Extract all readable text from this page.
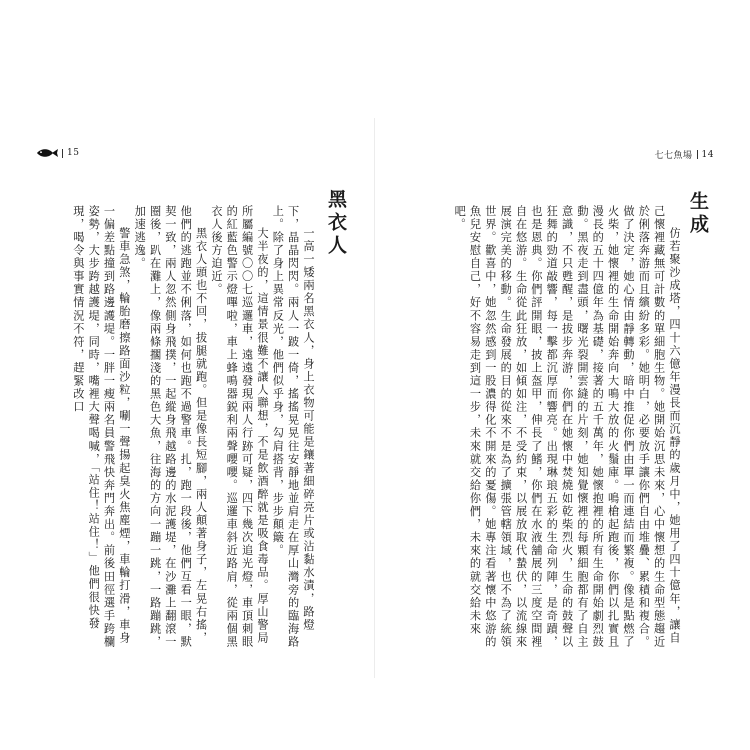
15	七七魚場 14
生成

仿若聚沙成塔，四十六億年漫長而沉靜的歲月中，她用了四十億年，讓自己懷裡藏無可計數的單細胞生物。她開始沉思未來，心中懷想的生命型態趨近於俐落奔游而且繽紛多彩。她明白，必要放手讓你們自由堆疊、累積和複合。做了決定，她心情由靜轉動，暗中推促你們由單一而連結而繁複。像是點燃了火柴，她懷裡的生命開始奔向大鳴大放的火鬚庫。鳴槍起跑後，你們以扎實且漫長的五十四億年為基礎，接著的五千萬年，她懷抱裡的所有生命開始劇烈鼓動。黑夜走到盡頭，曙光裂開雲縫的片刻，她知覺懷裡的每顆細胞都有了自主意識，不只甦醒，是拔步奔游，你們在她懷中焚燒如乾柴烈火，生命的鼓聲以狂舞的勁道敲響，每一擊都沉厚而響亮。出現琳琅五彩的生命列陣，是奇蹟，也是恩典。你們評開眼，披上盔甲，伸長了鰭，你們在水液舖展的三度空間裡自在悠游。生命從此狂放，如傾如注，不受約束，以展放取代蟄伏，以流線來展演完美的移動。生命發展的目的從來不是為了擴張管轄領域，也不為了統領世界。歡喜中，她忽然感到一股濃得化不開來的憂傷。她專注看著懷中悠游的魚兒安慰自己，好不容易走到這一步，未來就交給你們，未來的就交給未來吧。

黑衣人

一高一矮兩名黑衣人，身上衣物可能是鑲著細碎亮片或沾黏水漬，路燈下，晶晶閃閃。兩人一跛一倚，搖搖晃晃往安靜地並肩走在厚山灣旁的臨海路上。除了身上異常反光，他們似乎身，勾肩搭背，步步顛簸。

大半夜的，這情景很難不讓人聯想，不是飲酒醉就是吸食毒品。厚山警局所屬編號〇〇七巡邏車，遠遠發現兩人行跡可疑，四下幾次追光燈，車頂刺眼的紅藍色警示燈嗶啦，車上蜂鳴器鋭利兩聲嚶嚶。巡邏車斜近路肩，從兩個黑衣人後方迫近。

黑衣人頭也不回，拔腿就跑。但是像長短腳，兩人顛著身子，左晃右搖，他們的逃跑並不俐落，如何也跑不過警車。扎，跑一段後，他們互看一眼，默契一致，兩人忽然側身飛撲，一起縱身飛越路邊的水泥護堤，在沙灘上翻滾一圈後，趴在灘上，像兩條擱淺的黑色大魚，往海的方向一蹦一跳，一路蹦跳，加速逃逸。

警車急煞，輪胎磨擦路面沙粒，唰一聲揚起臭火焦塵煙，車輪打滑，車身一偏差點撞到路邊護堤。一胖一瘦兩名員警飛快奔門奔出。前後田徑選手跨欄姿勢，大步跨越護堤，同時，嘴裡大聲喝喊，「站住！站住！」他們很快發現，喝令與事實情況不符，趕緊改口
